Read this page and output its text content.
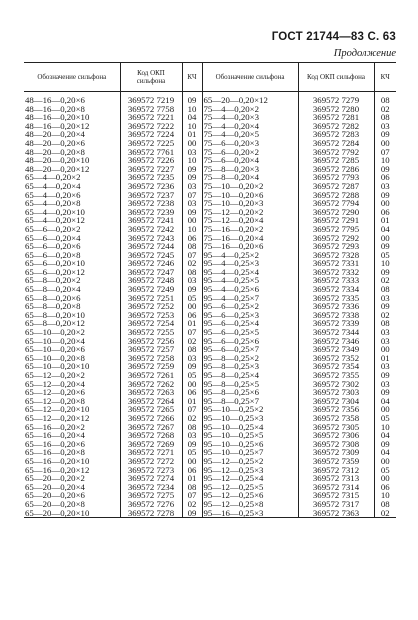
ГОСТ 21744—83 С. 63
Продолжение
Обозначение сильфона	Код ОКП сильфона	КЧ	Обозначение сильфона	Код ОКП сильфона	КЧ
48—16—0,20×6	369572 7219	09	65—20—0,20×12	369572 7279	08
48—16—0,20×8	369572 7758	10	75—4—0,20×2	369572 7280	02
48—16—0,20×10	369572 7221	04	75—4—0,20×3	369572 7281	08
48—16—0,20×12	369572 7222	10	75—4—0,20×4	369572 7282	03
48—20—0,20×4	369572 7224	01	75—4—0,20×5	369572 7283	09
48—20—0,20×6	369572 7225	00	75—6—0,20×3	369572 7284	00
48—20—0,20×8	369572 7761	03	75—6—0,20×2	369572 7792	07
48—20—0,20×10	369572 7226	10	75—6—0,20×4	369572 7285	10
48—20—0,20×12	369572 7227	09	75—8—0,20×3	369572 7286	09
65—4—0,20×2	369572 7235	09	75—8—0,20×4	369572 7793	06
65—4—0,20×4	369572 7236	03	75—10—0,20×2	369572 7287	03
65—4—0,20×6	369572 7237	07	75—10—0,20×6	369572 7288	09
65—4—0,20×8	369572 7238	03	75—10—0,20×3	369572 7794	00
65—4—0,20×10	369572 7239	09	75—12—0,20×2	369572 7290	06
65—4—0,20×12	369572 7241	00	75—12—0,20×4	369572 7291	01
65—6—0,20×2	369572 7242	10	75—16—0,20×2	369572 7795	04
65—6—0,20×4	369572 7243	06	75—16—0,20×4	369572 7292	00
65—6—0,20×6	369572 7244	08	75—16—0,20×6	369572 7293	09
65—6—0,20×8	369572 7245	07	95—4—0,25×2	369572 7328	05
65—6—0,20×10	369572 7246	02	95—4—0,25×3	369572 7331	10
65—6—0,20×12	369572 7247	08	95—4—0,25×4	369572 7332	09
65—8—0,20×2	369572 7248	03	95—4—0,25×5	369572 7333	02
65—8—0,20×4	369572 7249	09	95—4—0,25×6	369572 7334	08
65—8—0,20×6	369572 7251	05	95—4—0,25×7	369572 7335	03
65—8—0,20×8	369572 7252	00	95—6—0,25×2	369572 7336	09
65—8—0,20×10	369572 7253	06	95—6—0,25×3	369572 7338	02
65—8—0,20×12	369572 7254	01	95—6—0,25×4	369572 7339	08
65—10—0,20×2	369572 7255	07	95—6—0,25×5	369572 7344	03
65—10—0,20×4	369572 7256	02	95—6—0,25×6	369572 7346	03
65—10—0,20×6	369572 7257	08	95—6—0,25×7	369572 7349	00
65—10—0,20×8	369572 7258	03	95—8—0,25×2	369572 7352	01
65—10—0,20×10	369572 7259	09	95—8—0,25×3	369572 7354	03
65—12—0,20×2	369572 7261	05	95—8—0,25×4	369572 7355	09
65—12—0,20×4	369572 7262	00	95—8—0,25×5	369572 7302	03
65—12—0,20×6	369572 7263	06	95—8—0,25×6	369572 7303	09
65—12—0,20×8	369572 7264	01	95—8—0,25×7	369572 7304	04
65—12—0,20×10	369572 7265	07	95—10—0,25×2	369572 7356	00
65—12—0,20×12	369572 7266	02	95—10—0,25×3	369572 7358	05
65—16—0,20×2	369572 7267	08	95—10—0,25×4	369572 7305	10
65—16—0,20×4	369572 7268	03	95—10—0,25×5	369572 7306	04
65—16—0,20×6	369572 7269	09	95—10—0,25×6	369572 7308	09
65—16—0,20×8	369572 7271	05	95—10—0,25×7	369572 7309	04
65—16—0,20×10	369572 7272	00	95—12—0,25×2	369572 7359	00
65—16—0,20×12	369572 7273	06	95—12—0,25×3	369572 7312	05
65—20—0,20×2	369572 7274	01	95—12—0,25×4	369572 7313	00
65—20—0,20×4	369572 7234	08	95—12—0,25×5	369572 7314	06
65—20—0,20×6	369572 7275	07	95—12—0,25×6	369572 7315	10
65—20—0,20×8	369572 7276	02	95—12—0,25×8	369572 7317	08
65—20—0,20×10	369572 7278	09	95—16—0,25×3	369572 7363	02
